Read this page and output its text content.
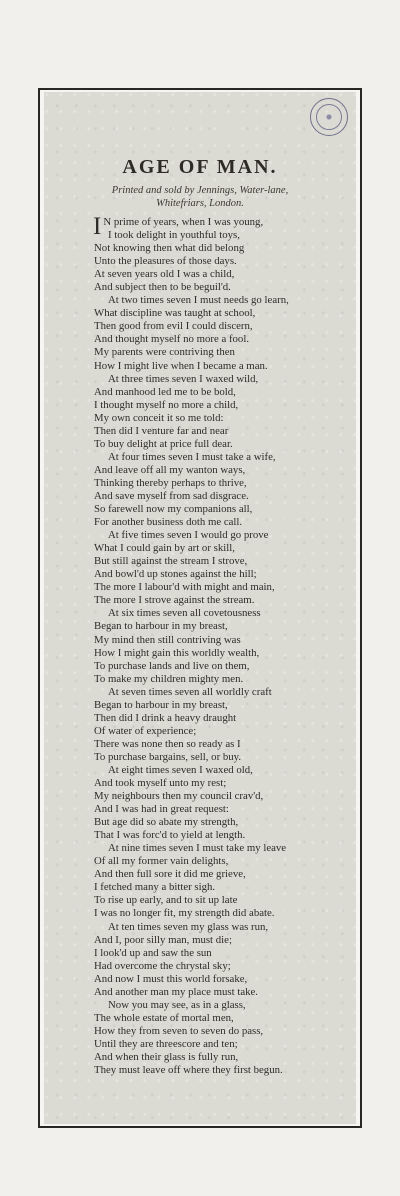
AGE OF MAN.
Printed and sold by Jennings, Water-lane,
Whitefriars, London.
I N prime of years, when I was young,
I took delight in youthful toys,
Not knowing then what did belong
Unto the pleasures of those days.
At seven years old I was a child,
And subject then to be beguil'd.
At two times seven I must needs go learn,
What discipline was taught at school,
Then good from evil I could discern,
And thought myself no more a fool.
My parents were contriving then
How I might live when I became a man.
At three times seven I waxed wild,
And manhood led me to be bold,
I thought myself no more a child,
My own conceit it so me told:
Then did I venture far and near
To buy delight at price full dear.
At four times seven I must take a wife,
And leave off all my wanton ways,
Thinking thereby perhaps to thrive,
And save myself from sad disgrace.
So farewell now my companions all,
For another business doth me call.
At five times seven I would go prove
What I could gain by art or skill,
But still against the stream I strove,
And bowl'd up stones against the hill;
The more I labour'd with might and main,
The more I strove against the stream.
At six times seven all covetousness
Began to harbour in my breast,
My mind then still contriving was
How I might gain this worldly wealth,
To purchase lands and live on them,
To make my children mighty men.
At seven times seven all worldly craft
Began to harbour in my breast,
Then did I drink a heavy draught
Of water of experience;
There was none then so ready as I
To purchase bargains, sell, or buy.
At eight times seven I waxed old,
And took myself unto my rest;
My neighbours then my council crav'd,
And I was had in great request:
But age did so abate my strength,
That I was forc'd to yield at length.
At nine times seven I must take my leave
Of all my former vain delights,
And then full sore it did me grieve,
I fetched many a bitter sigh.
To rise up early, and to sit up late
I was no longer fit, my strength did abate.
At ten times seven my glass was run,
And I, poor silly man, must die;
I look'd up and saw the sun
Had overcome the chrystal sky;
And now I must this world forsake,
And another man my place must take.
Now you may see, as in a glass,
The whole estate of mortal men,
How they from seven to seven do pass,
Until they are threescore and ten;
And when their glass is fully run,
They must leave off where they first begun.
